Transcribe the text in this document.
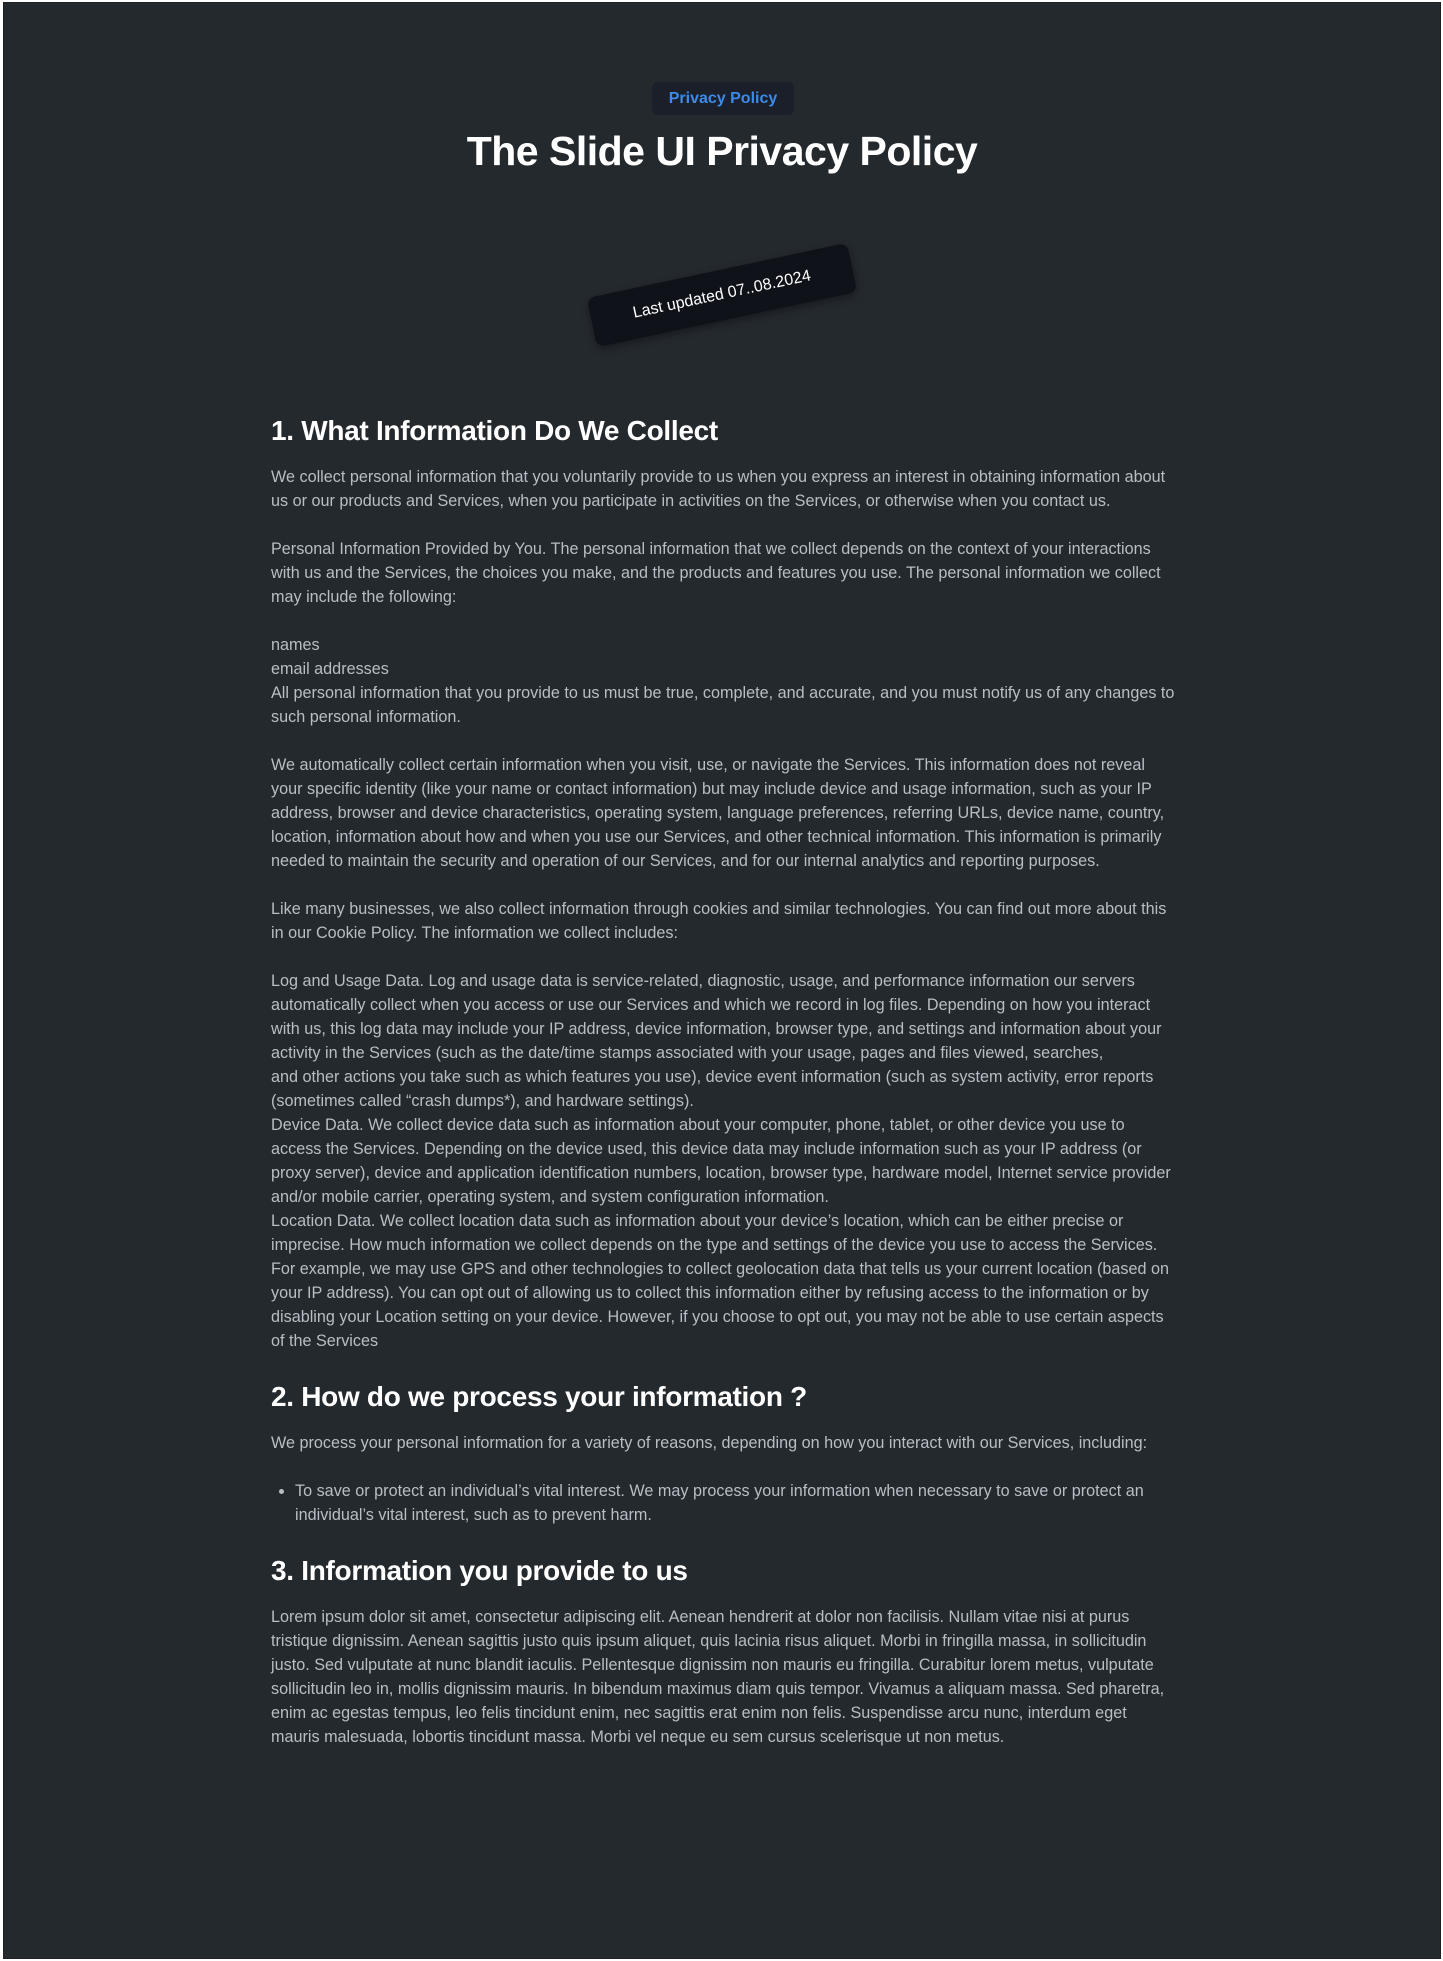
Privacy Policy
The Slide UI Privacy Policy
Last updated 07..08.2024
1. What Information Do We Collect

We collect personal information that you voluntarily provide to us when you express an interest in obtaining information about us or our products and Services, when you participate in activities on the Services, or otherwise when you contact us.

Personal Information Provided by You. The personal information that we collect depends on the context of your interactions with us and the Services, the choices you make, and the products and features you use. The personal information we collect may include the following:

names

email addresses

All personal information that you provide to us must be true, complete, and accurate, and you must notify us of any changes to such personal information.

We automatically collect certain information when you visit, use, or navigate the Services. This information does not reveal your specific identity (like your name or contact information) but may include device and usage information, such as your IP address, browser and device characteristics, operating system, language preferences, referring URLs, device name, country, location, information about how and when you use our Services, and other technical information. This information is primarily needed to maintain the security and operation of our Services, and for our internal analytics and reporting purposes.

Like many businesses, we also collect information through cookies and similar technologies. You can find out more about this in our Cookie Policy. The information we collect includes:

Log and Usage Data. Log and usage data is service-related, diagnostic, usage, and performance information our servers automatically collect when you access or use our Services and which we record in log files. Depending on how you interact with us, this log data may include your IP address, device information, browser type, and settings and information about your activity in the Services (such as the date/time stamps associated with your usage, pages and files viewed, searches,

and other actions you take such as which features you use), device event information (such as system activity, error reports (sometimes called “crash dumps*), and hardware settings).

Device Data. We collect device data such as information about your computer, phone, tablet, or other device you use to access the Services. Depending on the device used, this device data may include information such as your IP address (or proxy server), device and application identification numbers, location, browser type, hardware model, Internet service provider and/or mobile carrier, operating system, and system configuration information.

Location Data. We collect location data such as information about your device’s location, which can be either precise or imprecise. How much information we collect depends on the type and settings of the device you use to access the Services. For example, we may use GPS and other technologies to collect geolocation data that tells us your current location (based on your IP address). You can opt out of allowing us to collect this information either by refusing access to the information or by disabling your Location setting on your device. However, if you choose to opt out, you may not be able to use certain aspects of the Services

2. How do we process your information ?

We process your personal information for a variety of reasons, depending on how you interact with our Services, including:

• To save or protect an individual’s vital interest. We may process your information when necessary to save or protect an individual’s vital interest, such as to prevent harm.
3. Information you provide to us

Lorem ipsum dolor sit amet, consectetur adipiscing elit. Aenean hendrerit at dolor non facilisis. Nullam vitae nisi at purus tristique dignissim. Aenean sagittis justo quis ipsum aliquet, quis lacinia risus aliquet. Morbi in fringilla massa, in sollicitudin justo. Sed vulputate at nunc blandit iaculis. Pellentesque dignissim non mauris eu fringilla. Curabitur lorem metus, vulputate sollicitudin leo in, mollis dignissim mauris. In bibendum maximus diam quis tempor. Vivamus a aliquam massa. Sed pharetra, enim ac egestas tempus, leo felis tincidunt enim, nec sagittis erat enim non felis. Suspendisse arcu nunc, interdum eget mauris malesuada, lobortis tincidunt massa. Morbi vel neque eu sem cursus scelerisque ut non metus.
